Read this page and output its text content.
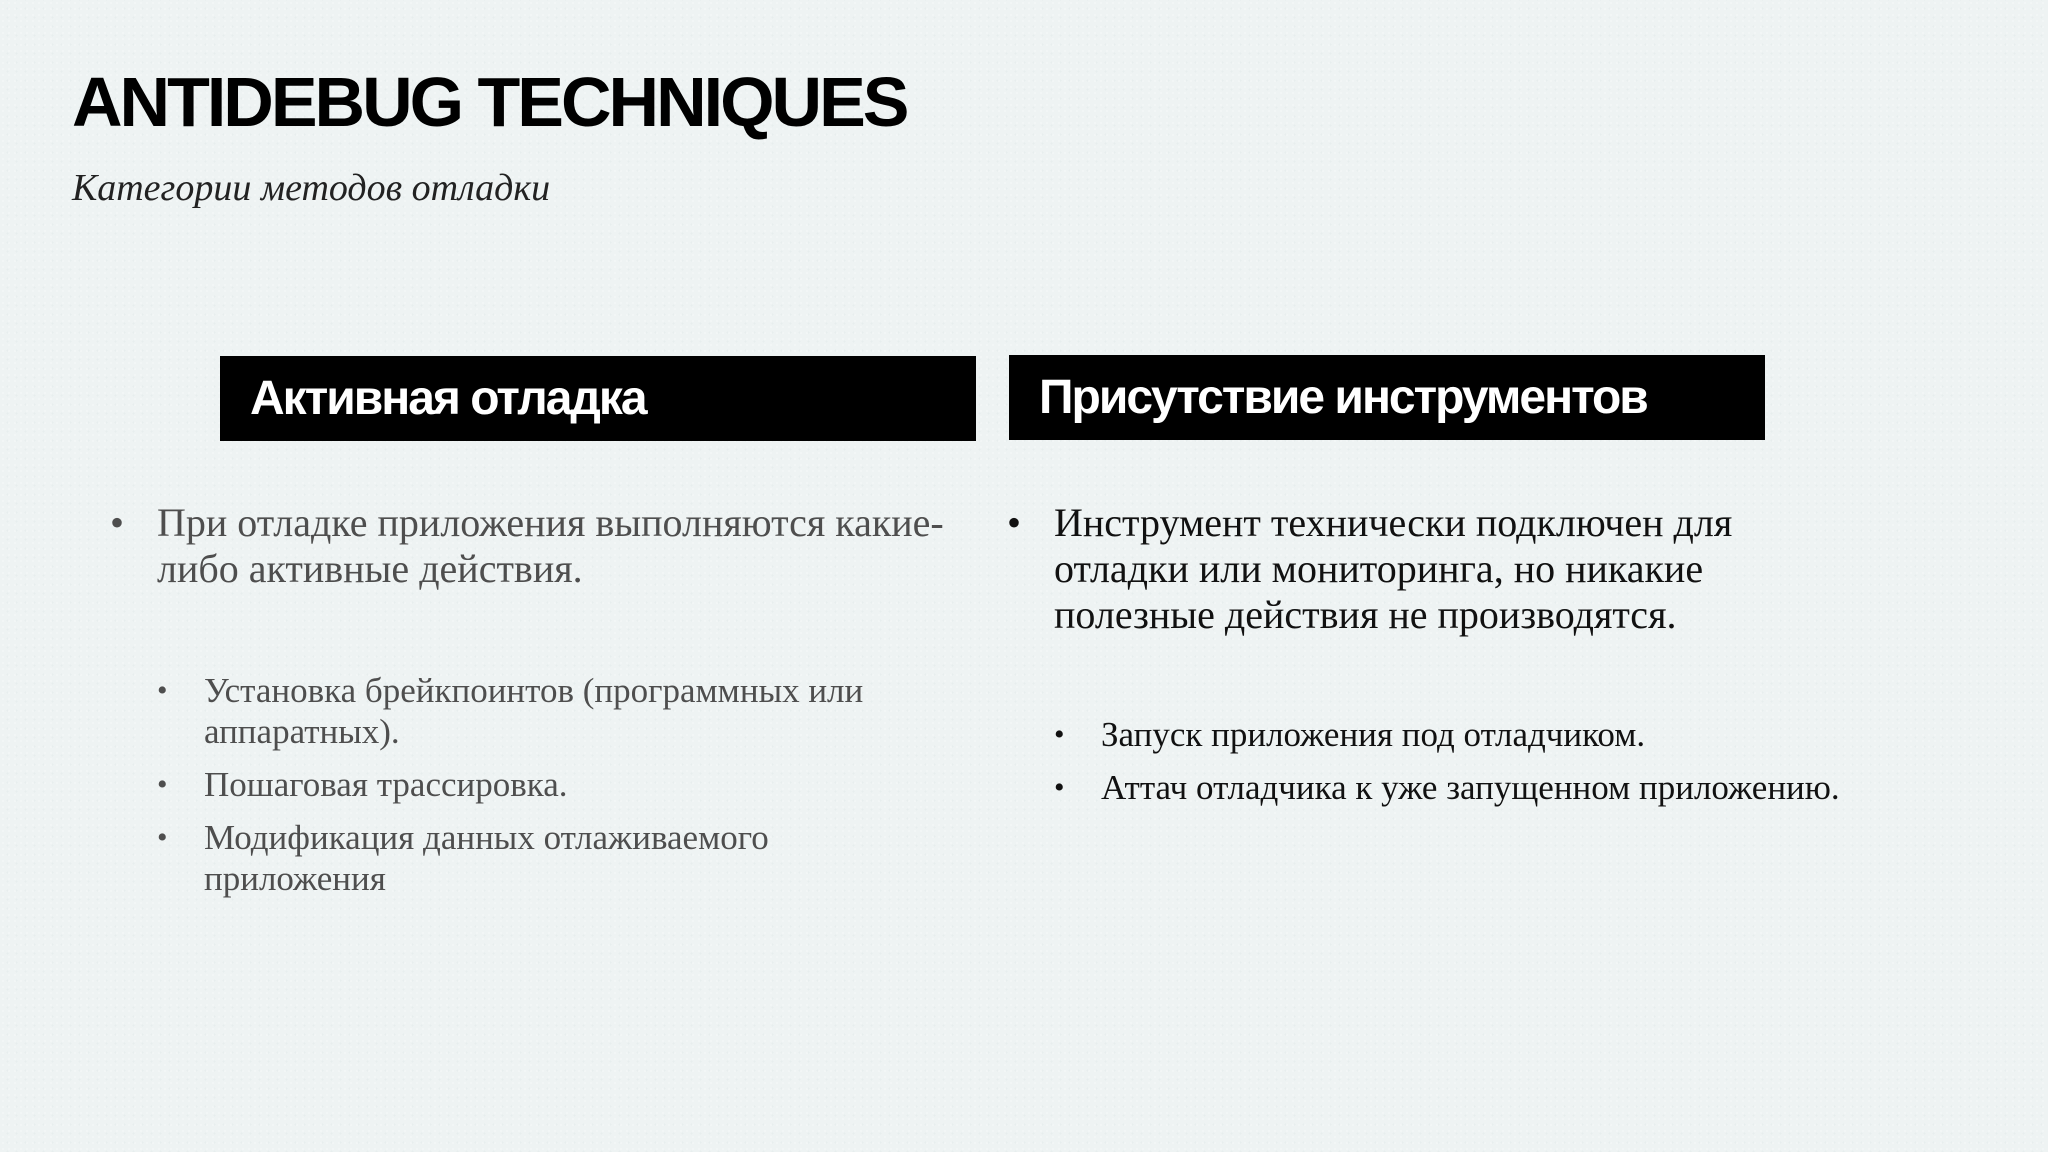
ANTIDEBUG TECHNIQUES

Категории методов отладки

Активная отладка	Присутствие инструментов

• При отладке приложения выполняются какие-либо активные действия.

• Установка брейкпоинтов (программных или аппаратных).
• Пошаговая трассировка.
• Модификация данных отлаживаемого приложения

• Инструмент технически подключен для отладки или мониторинга, но никакие полезные действия не производятся.

• Запуск приложения под отладчиком.
• Аттач отладчика к уже запущенном приложению.
